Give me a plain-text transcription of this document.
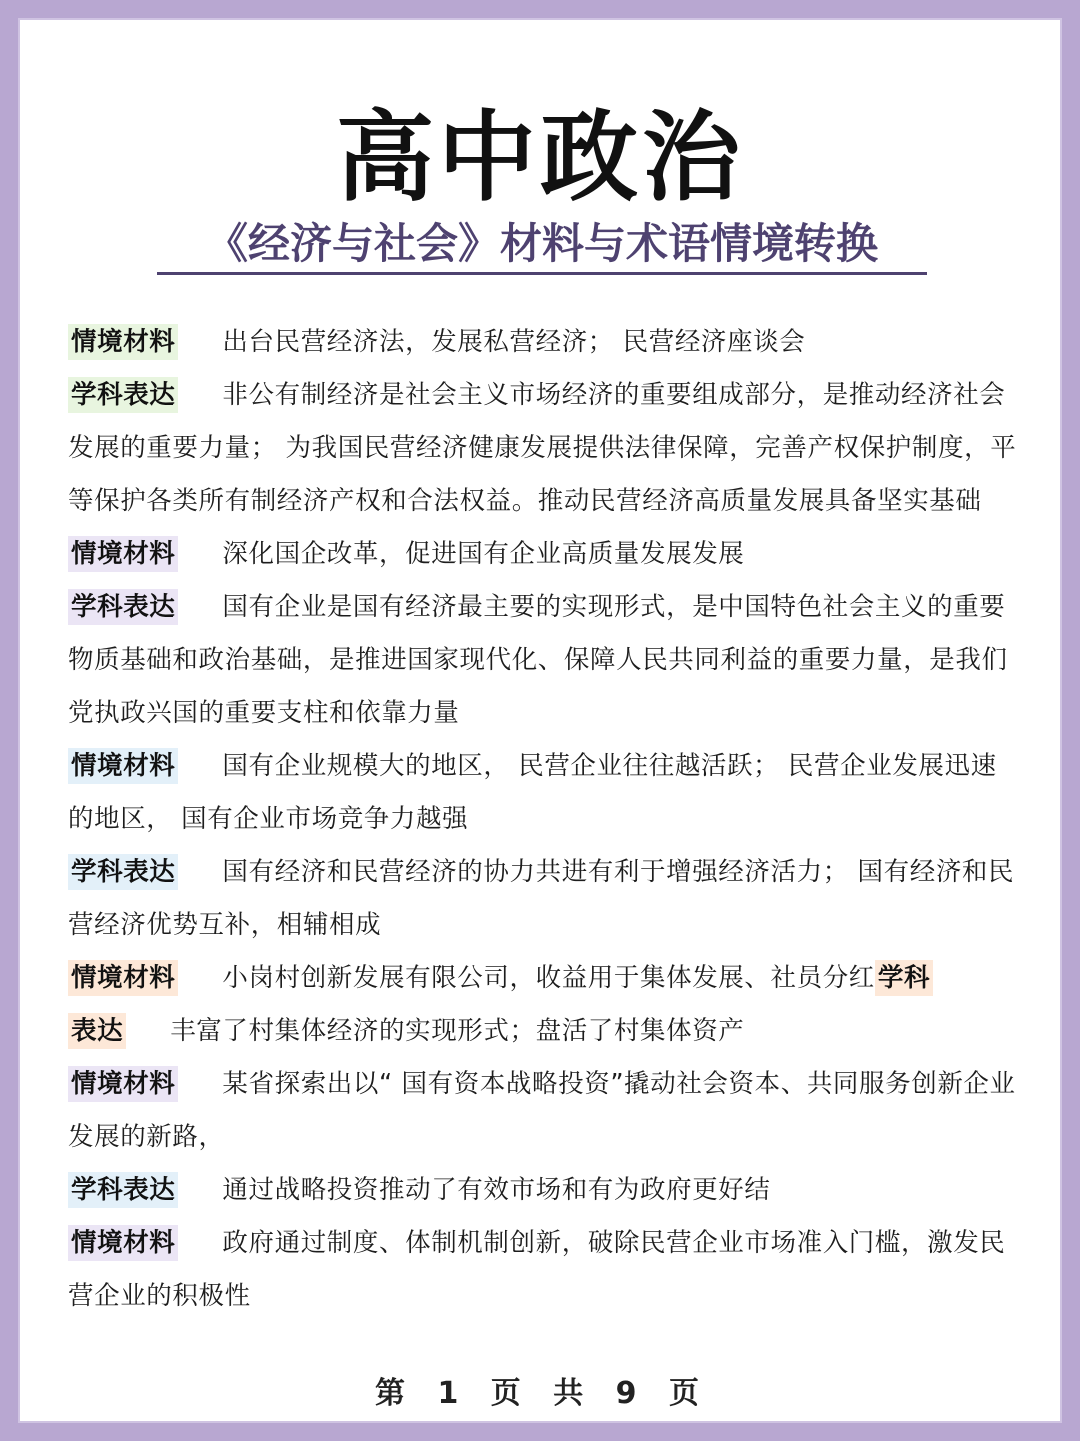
高中政治
《经济与社会》材料与术语情境转换

情境材料 出台民营经济法，发展私营经济； 民营经济座谈会

学科表达 非公有制经济是社会主义市场经济的重要组成部分，是推动经济社会发展的重要力量； 为我国民营经济健康发展提供法律保障，完善产权保护制度，平等保护各类所有制经济产权和合法权益。推动民营经济高质量发展具备坚实基础

情境材料 深化国企改革，促进国有企业高质量发展发展

学科表达 国有企业是国有经济最主要的实现形式，是中国特色社会主义的重要物质基础和政治基础，是推进国家现代化、保障人民共同利益的重要力量，是我们党执政兴国的重要支柱和依靠力量

情境材料 国有企业规模大的地区， 民营企业往往越活跃； 民营企业发展迅速的地区， 国有企业市场竞争力越强

学科表达 国有经济和民营经济的协力共进有利于增强经济活力； 国有经济和民营经济优势互补，相辅相成

情境材料 小岗村创新发展有限公司，收益用于集体发展、社员分红 学科
表达 丰富了村集体经济的实现形式；盘活了村集体资产

情境材料 某省探索出以“ 国有资本战略投资”撬动社会资本、共同服务创新企业发展的新路，

学科表达 通过战略投资推动了有效市场和有为政府更好结

情境材料 政府通过制度、体制机制创新，破除民营企业市场准入门槛，激发民营企业的积极性

第 1 页 共 9 页
